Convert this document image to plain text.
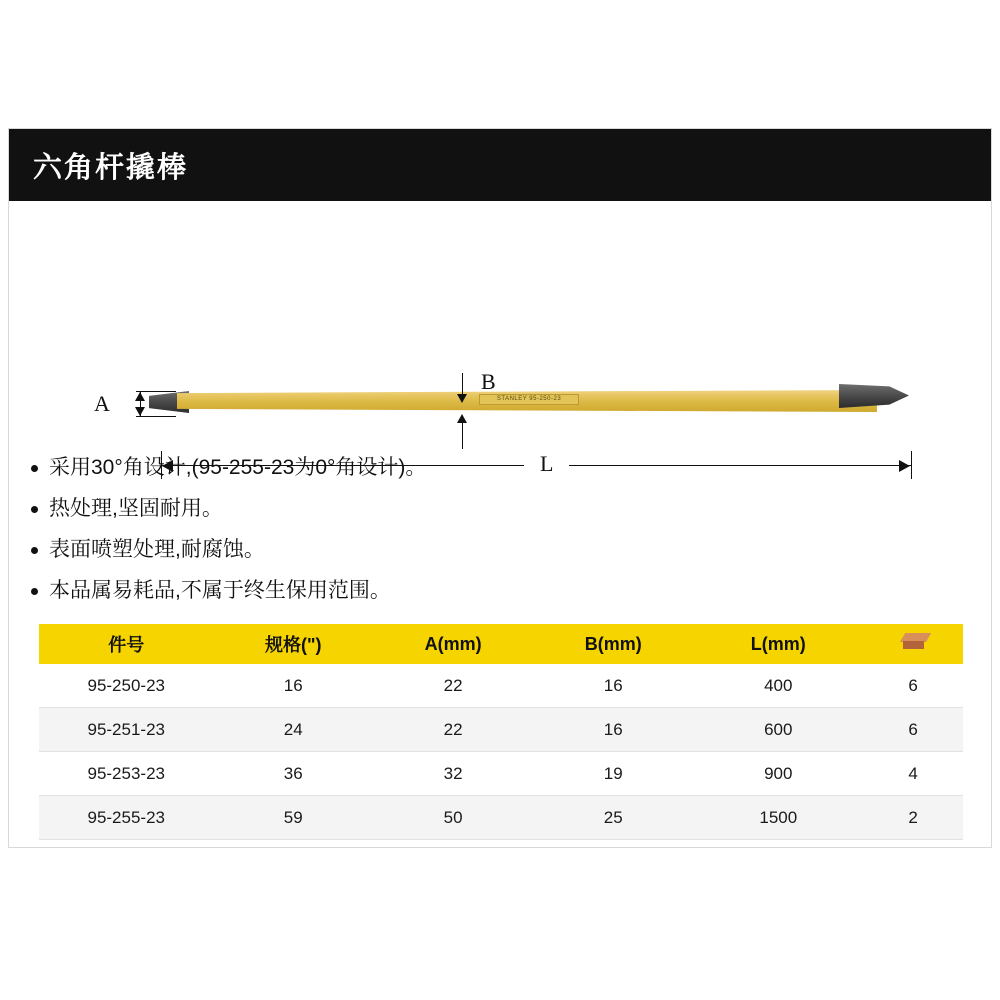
六角杆撬棒
STANLEY 95-250-23
A
B
L
采用30°角设计,(95-255-23为0°角设计)。
热处理,坚固耐用。
表面喷塑处理,耐腐蚀。
本品属易耗品,不属于终生保用范围。
件号	规格(")	A(mm)	B(mm)	L(mm)	

95-250-23	16	22	16	400	6
95-251-23	24	22	16	600	6
95-253-23	36	32	19	900	4
95-255-23	59	50	25	1500	2
